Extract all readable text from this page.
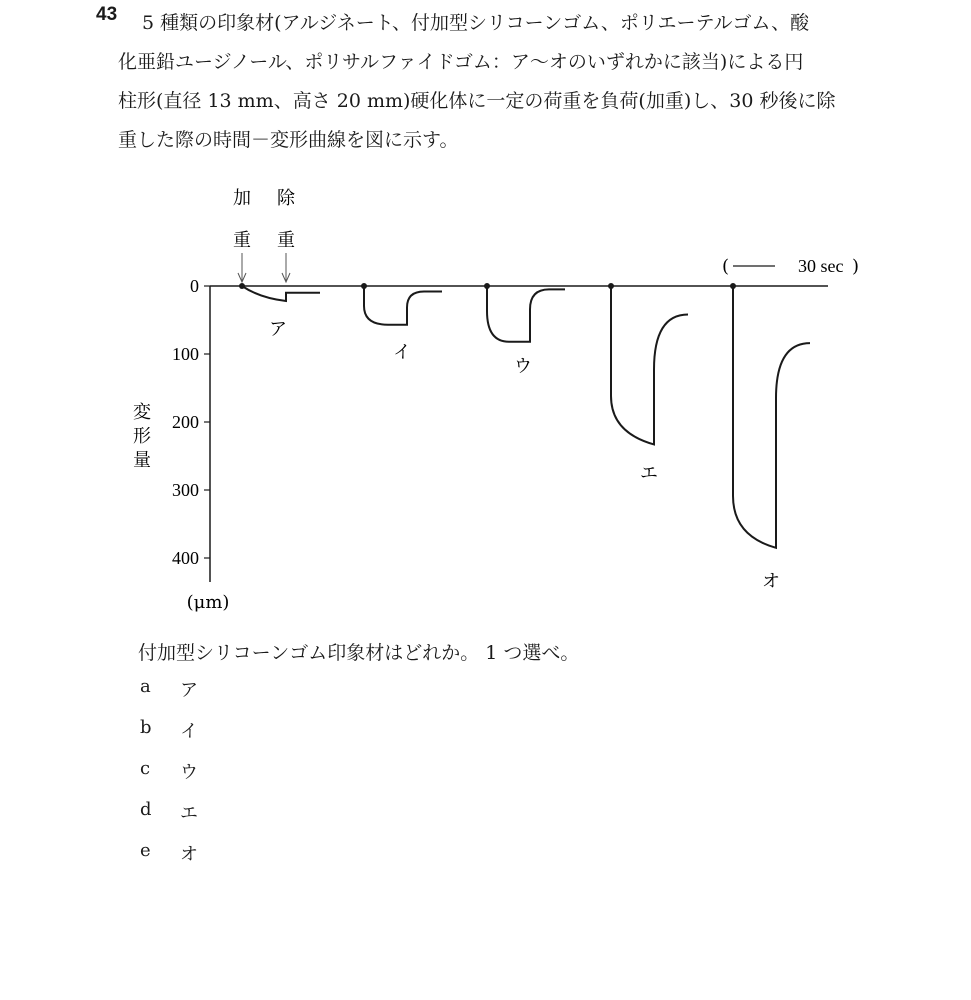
43 5 種類の印象材(アルジネート、付加型シリコーンゴム、ポリエーテルゴム、酸
化亜鉛ユージノール、ポリサルファイドゴム：ア～オのいずれかに該当)による円
柱形(直径 13 mm、高さ 20 mm)硬化体に一定の荷重を負荷(加重)し、30 秒後に除
重した際の時間－変形曲線を図に示す。
0
100
200
300
400
変
形
量
(μm)
加
重
除
重
(	30 sec )
ア
イ
ウ
エ
オ
付加型シリコーンゴム印象材はどれか。 1 つ選べ。
a	ア
b	イ
c	ウ
d	エ
e	オ
